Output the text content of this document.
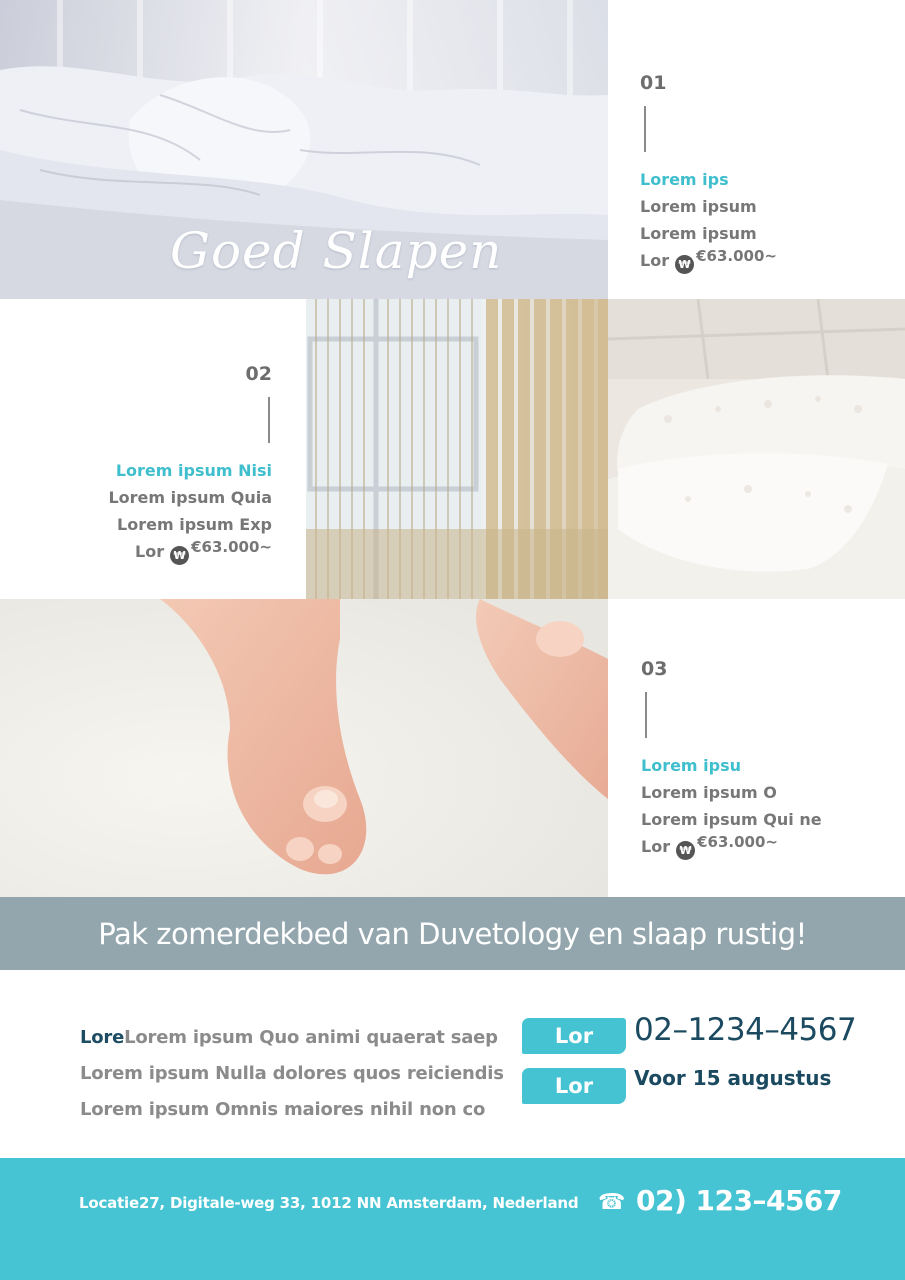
Goed Slapen
01
Lorem ips
Lorem ipsum
Lorem ipsum
Lor ₩ €63.000~
02
Lorem ipsum Nisi
Lorem ipsum Quia
Lorem ipsum Exp
Lor ₩ €63.000~
03
Lorem ipsu
Lorem ipsum O
Lorem ipsum Qui ne
Lor ₩ €63.000~
Pak zomerdekbed van Duvetology en slaap rustig!
LoreLorem ipsum Quo animi quaerat saep
Lorem ipsum Nulla dolores quos reiciendis
Lorem ipsum Omnis maiores nihil non co
Lor	02–1234–4567
Lor	Voor 15 augustus
Locatie27, Digitale-weg 33, 1012 NN Amsterdam, Nederland ☎ 02) 123–4567
